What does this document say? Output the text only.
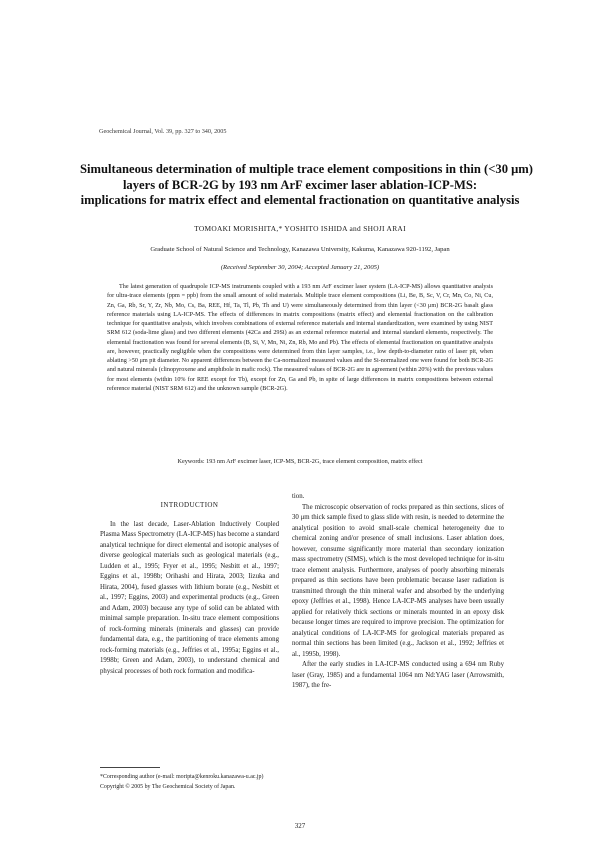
Geochemical Journal, Vol. 39, pp. 327 to 340, 2005
Simultaneous determination of multiple trace element compositions in thin (<30 μm)
layers of BCR-2G by 193 nm ArF excimer laser ablation-ICP-MS:
implications for matrix effect and elemental fractionation on quantitative analysis
TOMOAKI MORISHITA,* YOSHITO ISHIDA and SHOJI ARAI
Graduate School of Natural Science and Technology, Kanazawa University, Kakuma, Kanazawa 920-1192, Japan
(Received September 30, 2004; Accepted January 21, 2005)

The latest generation of quadrupole ICP-MS instruments coupled with a 193 nm ArF excimer laser system (LA-ICP-MS) allows quantitative analysis for ultra-trace elements (ppm = ppb) from the small amount of solid materials. Multiple trace element compositions (Li, Be, B, Sc, V, Cr, Mn, Co, Ni, Cu, Zn, Ga, Rb, Sr, Y, Zr, Nb, Mo, Cs, Ba, REE, Hf, Ta, Tl, Pb, Th and U) were simultaneously determined from thin layer (<30 μm) BCR-2G basalt glass reference materials using LA-ICP-MS. The effects of differences in matrix compositions (matrix effect) and elemental fractionation on the calibration technique for quantitative analysis, which involves combinations of external reference materials and internal standardization, were examined by using NIST SRM 612 (soda-lime glass) and two different elements (42Ca and 29Si) as an external reference material and internal standard elements, respectively. The elemental fractionation was found for several elements (B, Si, V, Mn, Ni, Zn, Rb, Mo and Pb). The effects of elemental fractionation on quantitative analysis are, however, practically negligible when the compositions were determined from thin layer samples, i.e., low depth-to-diameter ratio of laser pit, when ablating >50 μm pit diameter. No apparent differences between the Ca-normalized measured values and the Si-normalized one were found for both BCR-2G and natural minerals (clinopyroxene and amphibole in mafic rock). The measured values of BCR-2G are in agreement (within 20%) with the previous values for most elements (within 10% for REE except for Tb), except for Zn, Ga and Pb, in spite of large differences in matrix compositions between external reference material (NIST SRM 612) and the unknown sample (BCR-2G).

Keywords: 193 nm ArF excimer laser, ICP-MS, BCR-2G, trace element composition, matrix effect

INTRODUCTION

In the last decade, Laser-Ablation Inductively Coupled Plasma Mass Spectrometry (LA-ICP-MS) has become a standard analytical technique for direct elemental and isotopic analyses of diverse geological materials such as geological materials (e.g., Ludden et al., 1995; Fryer et al., 1995; Nesbitt et al., 1997; Eggins et al., 1998b; Orihashi and Hirata, 2003; Iizuka and Hirata, 2004), fused glasses with lithium borate (e.g., Nesbitt et al., 1997; Eggins, 2003) and experimental products (e.g., Green and Adam, 2003) because any type of solid can be ablated with minimal sample preparation. In-situ trace element compositions of rock-forming minerals (minerals and glasses) can provide fundamental data, e.g., the partitioning of trace elements among rock-forming materials (e.g., Jeffries et al., 1995a; Eggins et al., 1998b; Green and Adam, 2003), to understand chemical and physical processes of both rock formation and modifica-

tion.

The microscopic observation of rocks prepared as thin sections, slices of 30 μm thick sample fixed to glass slide with resin, is needed to determine the analytical position to avoid small-scale chemical heterogeneity due to chemical zoning and/or presence of small inclusions. Laser ablation does, however, consume significantly more material than secondary ionization mass spectrometry (SIMS), which is the most developed technique for in-situ trace element analysis. Furthermore, analyses of poorly absorbing minerals prepared as thin sections have been problematic because laser radiation is transmitted through the thin mineral wafer and absorbed by the underlying epoxy (Jeffries et al., 1998). Hence LA-ICP-MS analyses have been usually applied for relatively thick sections or minerals mounted in an epoxy disk because longer times are required to improve precision. The optimization for analytical conditions of LA-ICP-MS for geological materials prepared as normal thin sections has been limited (e.g., Jackson et al., 1992; Jeffries et al., 1995b, 1998).

After the early studies in LA-ICP-MS conducted using a 694 nm Ruby laser (Gray, 1985) and a fundamental 1064 nm Nd:YAG laser (Arrowsmith, 1987), the fre-

*Corresponding author (e-mail: moripta@kenroku.kanazawa-u.ac.jp)
Copyright © 2005 by The Geochemical Society of Japan.
327
